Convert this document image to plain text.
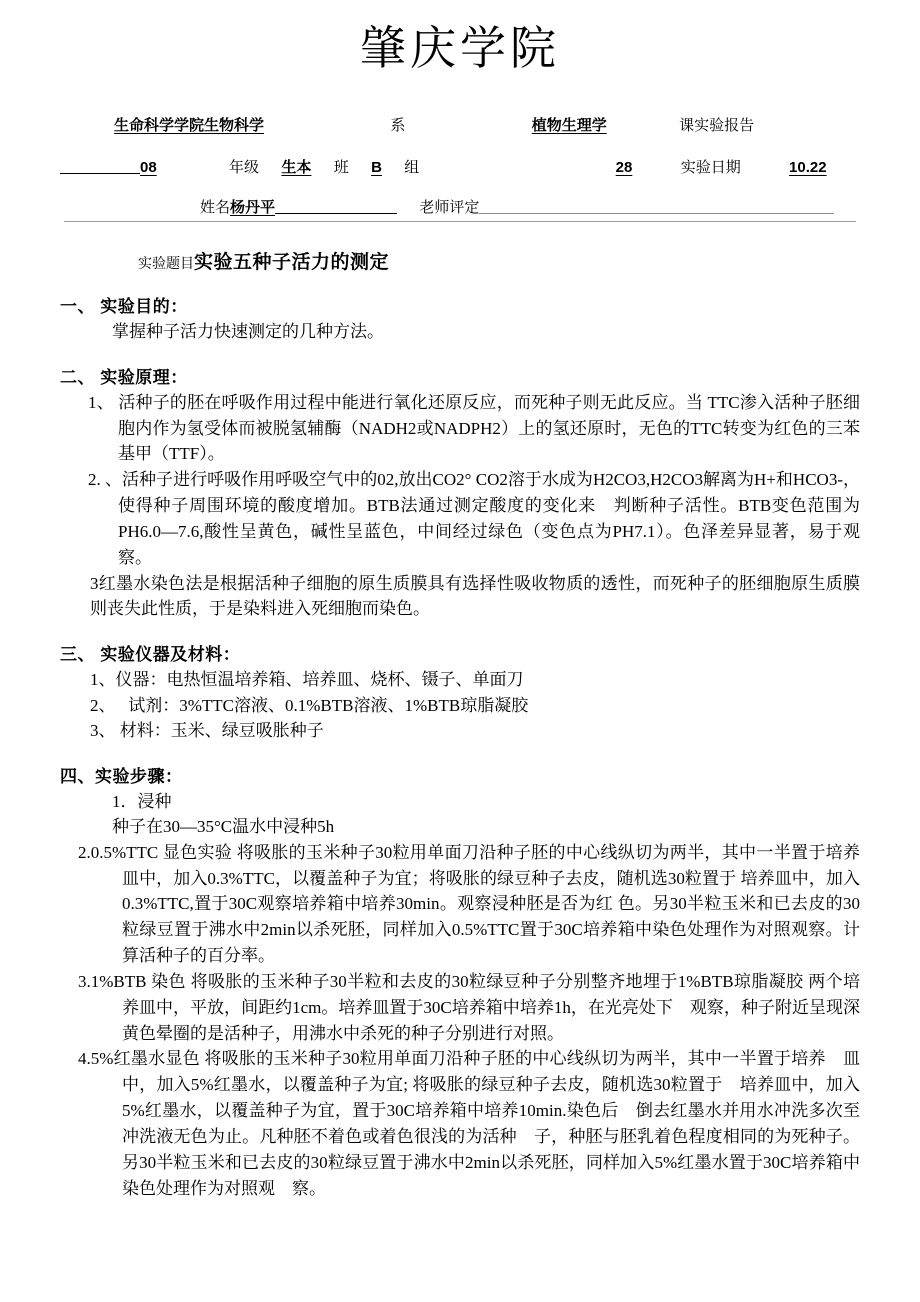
肇庆学院
生命科学学院生物科学	系	植物生理学	课实验报告
08	年级 生本 班 B 组	28	实验日期	10.22
姓名杨丹平	老师评定
实验题目实验五种子活力的测定
一、 实验目的：
掌握种子活力快速测定的几种方法。
二、 实验原理：
1、 活种子的胚在呼吸作用过程中能进行氧化还原反应，而死种子则无此反应。当 TTC渗入活种子胚细胞内作为氢受体而被脱氢辅酶（NADH2或NADPH2）上的氢还原时，无色的TTC转变为红色的三苯基甲（TTF）。
2. 、活种子进行呼吸作用呼吸空气中的02,放出CO2° CO2溶于水成为H2CO3,H2CO3解离为H+和HCO3-，使得种子周围环境的酸度增加。BTB法通过测定酸度的变化来　判断种子活性。BTB变色范围为PH6.0—7.6,酸性呈黄色，碱性呈蓝色，中间经过绿色（变色点为PH7.1）。色泽差异显著，易于观察。
3红墨水染色法是根据活种子细胞的原生质膜具有选择性吸收物质的透性，而死种子的胚细胞原生质膜则丧失此性质，于是染料进入死细胞而染色。
三、 实验仪器及材料：
1、仪器：电热恒温培养箱、培养皿、烧杯、镊子、单面刀
2、　 试剂：3%TTC溶液、0.1%BTB溶液、1%BTB琼脂凝胶
3、 材料：玉米、绿豆吸胀种子
四、实验步骤：
1．浸种
种子在30—35°C温水中浸种5h
2.0.5%TTC 显色实验 将吸胀的玉米种子30粒用单面刀沿种子胚的中心线纵切为两半，其中一半置于培养　皿中，加入0.3%TTC，以覆盖种子为宜；将吸胀的绿豆种子去皮，随机选30粒置于 培养皿中，加入0.3%TTC,置于30C观察培养箱中培养30min。观察浸种胚是否为红 色。另30半粒玉米和已去皮的30粒绿豆置于沸水中2min以杀死胚，同样加入0.5%TTC置于30C培养箱中染色处理作为对照观察。计算活种子的百分率。
3.1%BTB 染色 将吸胀的玉米种子30半粒和去皮的30粒绿豆种子分别整齐地埋于1%BTB琼脂凝胶 两个培养皿中，平放，间距约1cm。培养皿置于30C培养箱中培养1h，在光亮处下　观察，种子附近呈现深黄色晕圈的是活种子，用沸水中杀死的种子分别进行对照。
4.5%红墨水显色 将吸胀的玉米种子30粒用单面刀沿种子胚的中心线纵切为两半，其中一半置于培养　皿中，加入5%红墨水，以覆盖种子为宜; 将吸胀的绿豆种子去皮，随机选30粒置于　培养皿中，加入5%红墨水，以覆盖种子为宜，置于30C培养箱中培养10min.染色后　倒去红墨水并用水冲洗多次至冲洗液无色为止。凡种胚不着色或着色很浅的为活种　子，种胚与胚乳着色程度相同的为死种子。另30半粒玉米和已去皮的30粒绿豆置于沸水中2min以杀死胚，同样加入5%红墨水置于30C培养箱中染色处理作为对照观　察。
